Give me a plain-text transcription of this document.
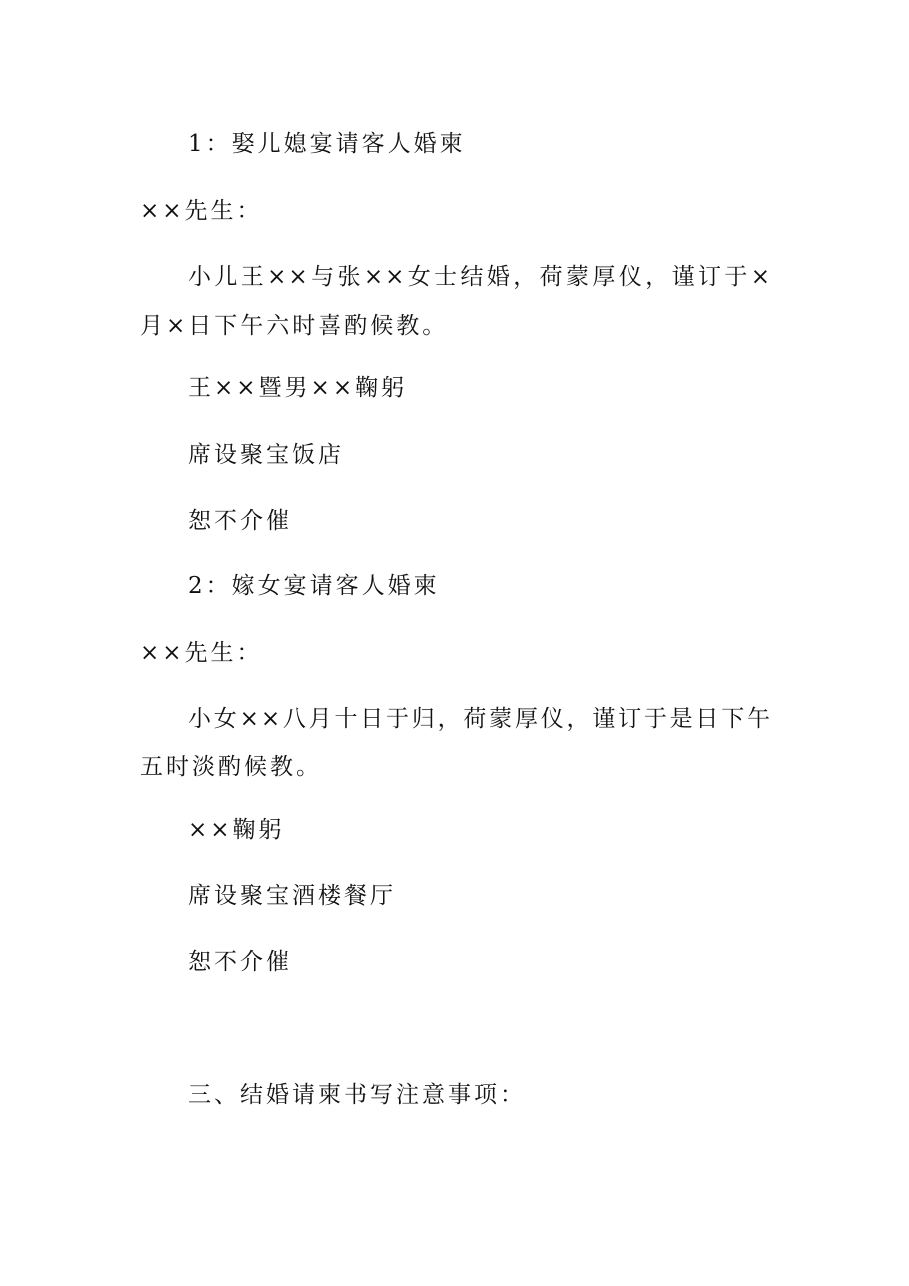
1：娶儿媳宴请客人婚柬
××先生：
小儿王××与张××女士结婚，荷蒙厚仪，谨订于×
月×日下午六时喜酌候教。
王××暨男××鞠躬
席设聚宝饭店
恕不介催
2：嫁女宴请客人婚柬
××先生：
小女××八月十日于归，荷蒙厚仪，谨订于是日下午
五时淡酌候教。
××鞠躬
席设聚宝酒楼餐厅
恕不介催
三、结婚请柬书写注意事项：
